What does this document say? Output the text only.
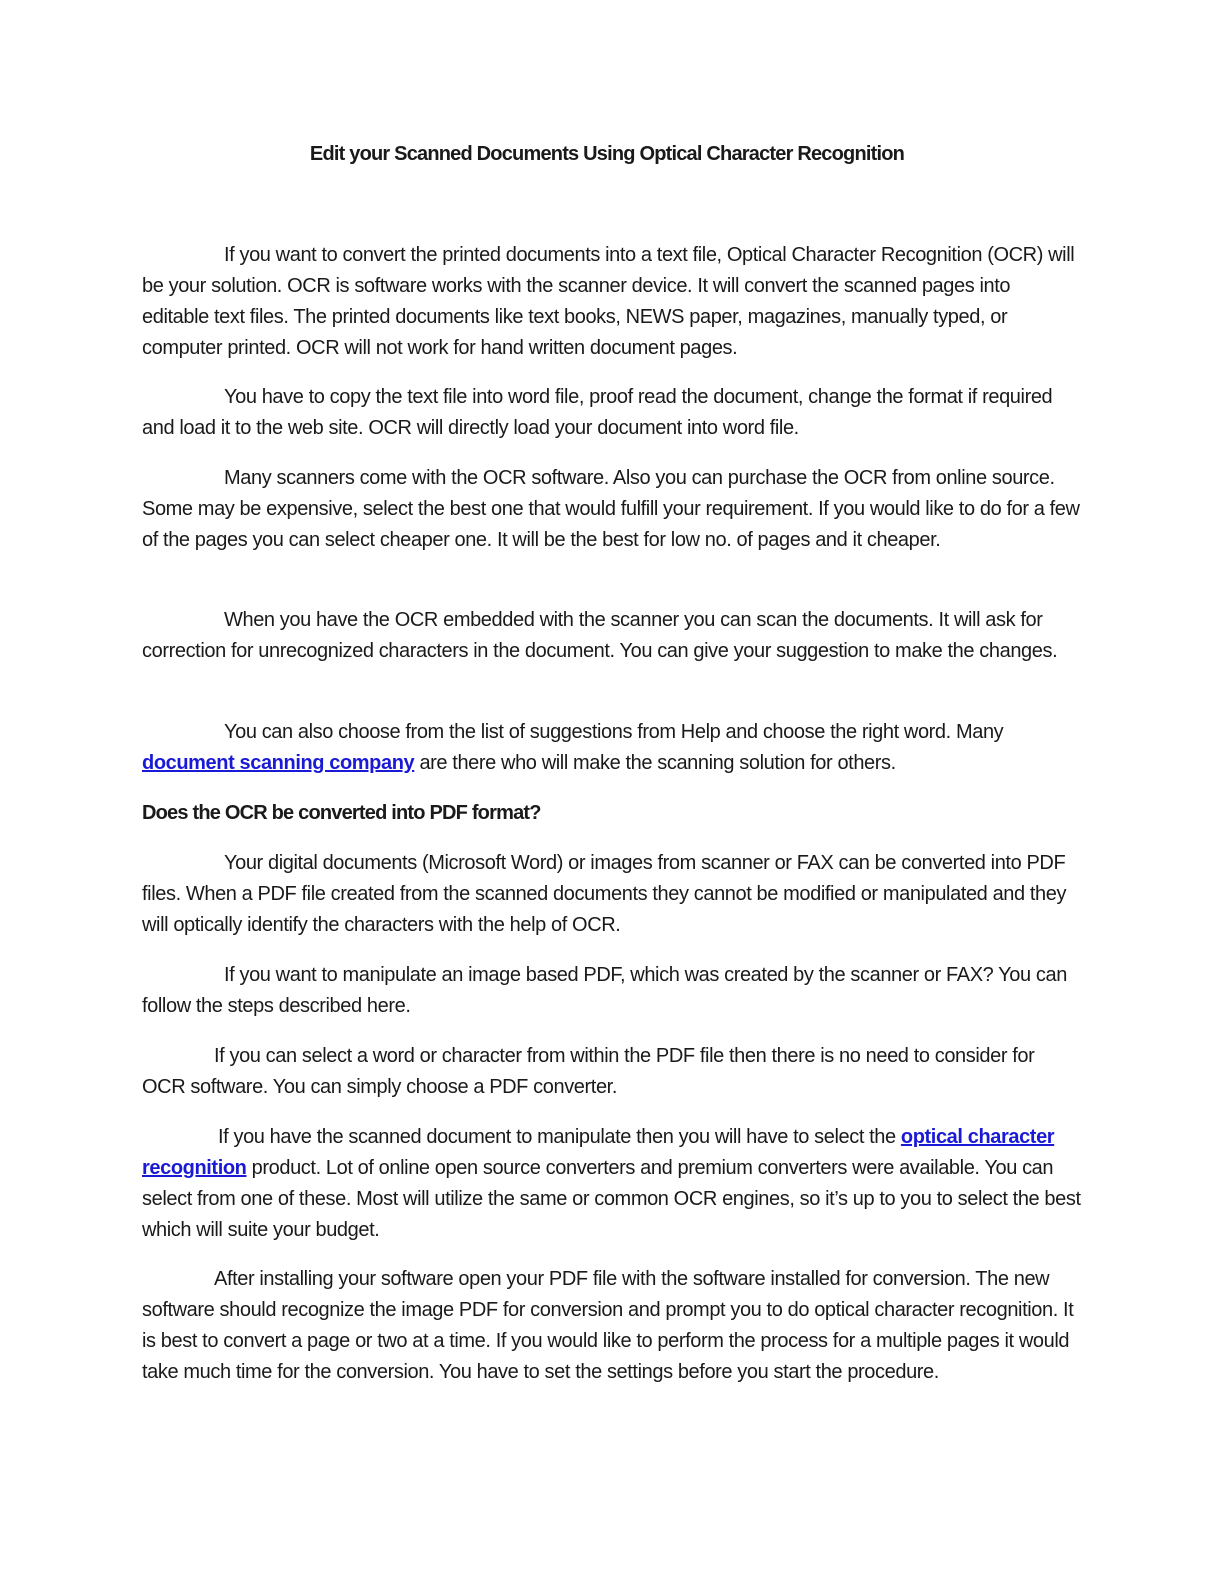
Edit your Scanned Documents Using Optical Character Recognition

If you want to convert the printed documents into a text file, Optical Character Recognition (OCR) will be your solution. OCR is software works with the scanner device. It will convert the scanned pages into editable text files. The printed documents like text books, NEWS paper, magazines, manually typed, or computer printed. OCR will not work for hand written document pages.

You have to copy the text file into word file, proof read the document, change the format if required and load it to the web site. OCR will directly load your document into word file.

Many scanners come with the OCR software. Also you can purchase the OCR from online source. Some may be expensive, select the best one that would fulfill your requirement. If you would like to do for a few of the pages you can select cheaper one. It will be the best for low no. of pages and it cheaper.

When you have the OCR embedded with the scanner you can scan the documents. It will ask for correction for unrecognized characters in the document. You can give your suggestion to make the changes.

You can also choose from the list of suggestions from Help and choose the right word. Many document scanning company are there who will make the scanning solution for others.

Does the OCR be converted into PDF format?

Your digital documents (Microsoft Word) or images from scanner or FAX can be converted into PDF files. When a PDF file created from the scanned documents they cannot be modified or manipulated and they will optically identify the characters with the help of OCR.

If you want to manipulate an image based PDF, which was created by the scanner or FAX? You can follow the steps described here.

If you can select a word or character from within the PDF file then there is no need to consider for OCR software. You can simply choose a PDF converter.

If you have the scanned document to manipulate then you will have to select the optical character recognition product. Lot of online open source converters and premium converters were available. You can select from one of these. Most will utilize the same or common OCR engines, so it’s up to you to select the best which will suite your budget.

After installing your software open your PDF file with the software installed for conversion. The new software should recognize the image PDF for conversion and prompt you to do optical character recognition. It is best to convert a page or two at a time. If you would like to perform the process for a multiple pages it would take much time for the conversion. You have to set the settings before you start the procedure.
